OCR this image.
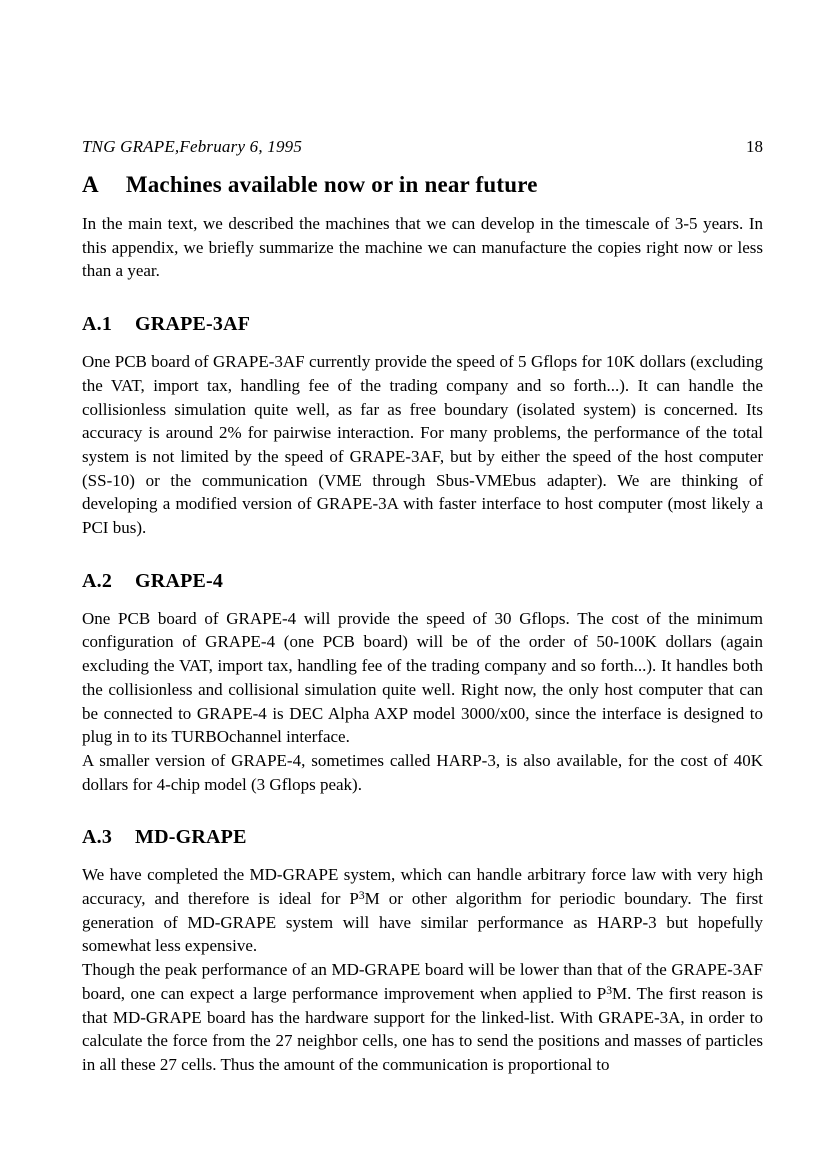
TNG GRAPE,February 6, 1995	18
A Machines available now or in near future

In the main text, we described the machines that we can develop in the timescale of 3-5 years. In this appendix, we briefly summarize the machine we can manufacture the copies right now or less than a year.

A.1 GRAPE-3AF

One PCB board of GRAPE-3AF currently provide the speed of 5 Gflops for 10K dollars (excluding the VAT, import tax, handling fee of the trading company and so forth...). It can handle the collisionless simulation quite well, as far as free boundary (isolated system) is concerned. Its accuracy is around 2% for pairwise interaction. For many problems, the performance of the total system is not limited by the speed of GRAPE-3AF, but by either the speed of the host computer (SS-10) or the communication (VME through Sbus-VMEbus adapter). We are thinking of developing a modified version of GRAPE-3A with faster interface to host computer (most likely a PCI bus).

A.2 GRAPE-4

One PCB board of GRAPE-4 will provide the speed of 30 Gflops. The cost of the minimum configuration of GRAPE-4 (one PCB board) will be of the order of 50-100K dollars (again excluding the VAT, import tax, handling fee of the trading company and so forth...). It handles both the collisionless and collisional simulation quite well. Right now, the only host computer that can be connected to GRAPE-4 is DEC Alpha AXP model 3000/x00, since the interface is designed to plug in to its TURBOchannel interface.

A smaller version of GRAPE-4, sometimes called HARP-3, is also available, for the cost of 40K dollars for 4-chip model (3 Gflops peak).

A.3 MD-GRAPE

We have completed the MD-GRAPE system, which can handle arbitrary force law with very high accuracy, and therefore is ideal for $P^3M$ or other algorithm for periodic boundary. The first generation of MD-GRAPE system will have similar performance as HARP-3 but hopefully somewhat less expensive.

Though the peak performance of an MD-GRAPE board will be lower than that of the GRAPE-3AF board, one can expect a large performance improvement when applied to $P^3M$. The first reason is that MD-GRAPE board has the hardware support for the linked-list. With GRAPE-3A, in order to calculate the force from the 27 neighbor cells, one has to send the positions and masses of particles in all these 27 cells. Thus the amount of the communication is proportional to
